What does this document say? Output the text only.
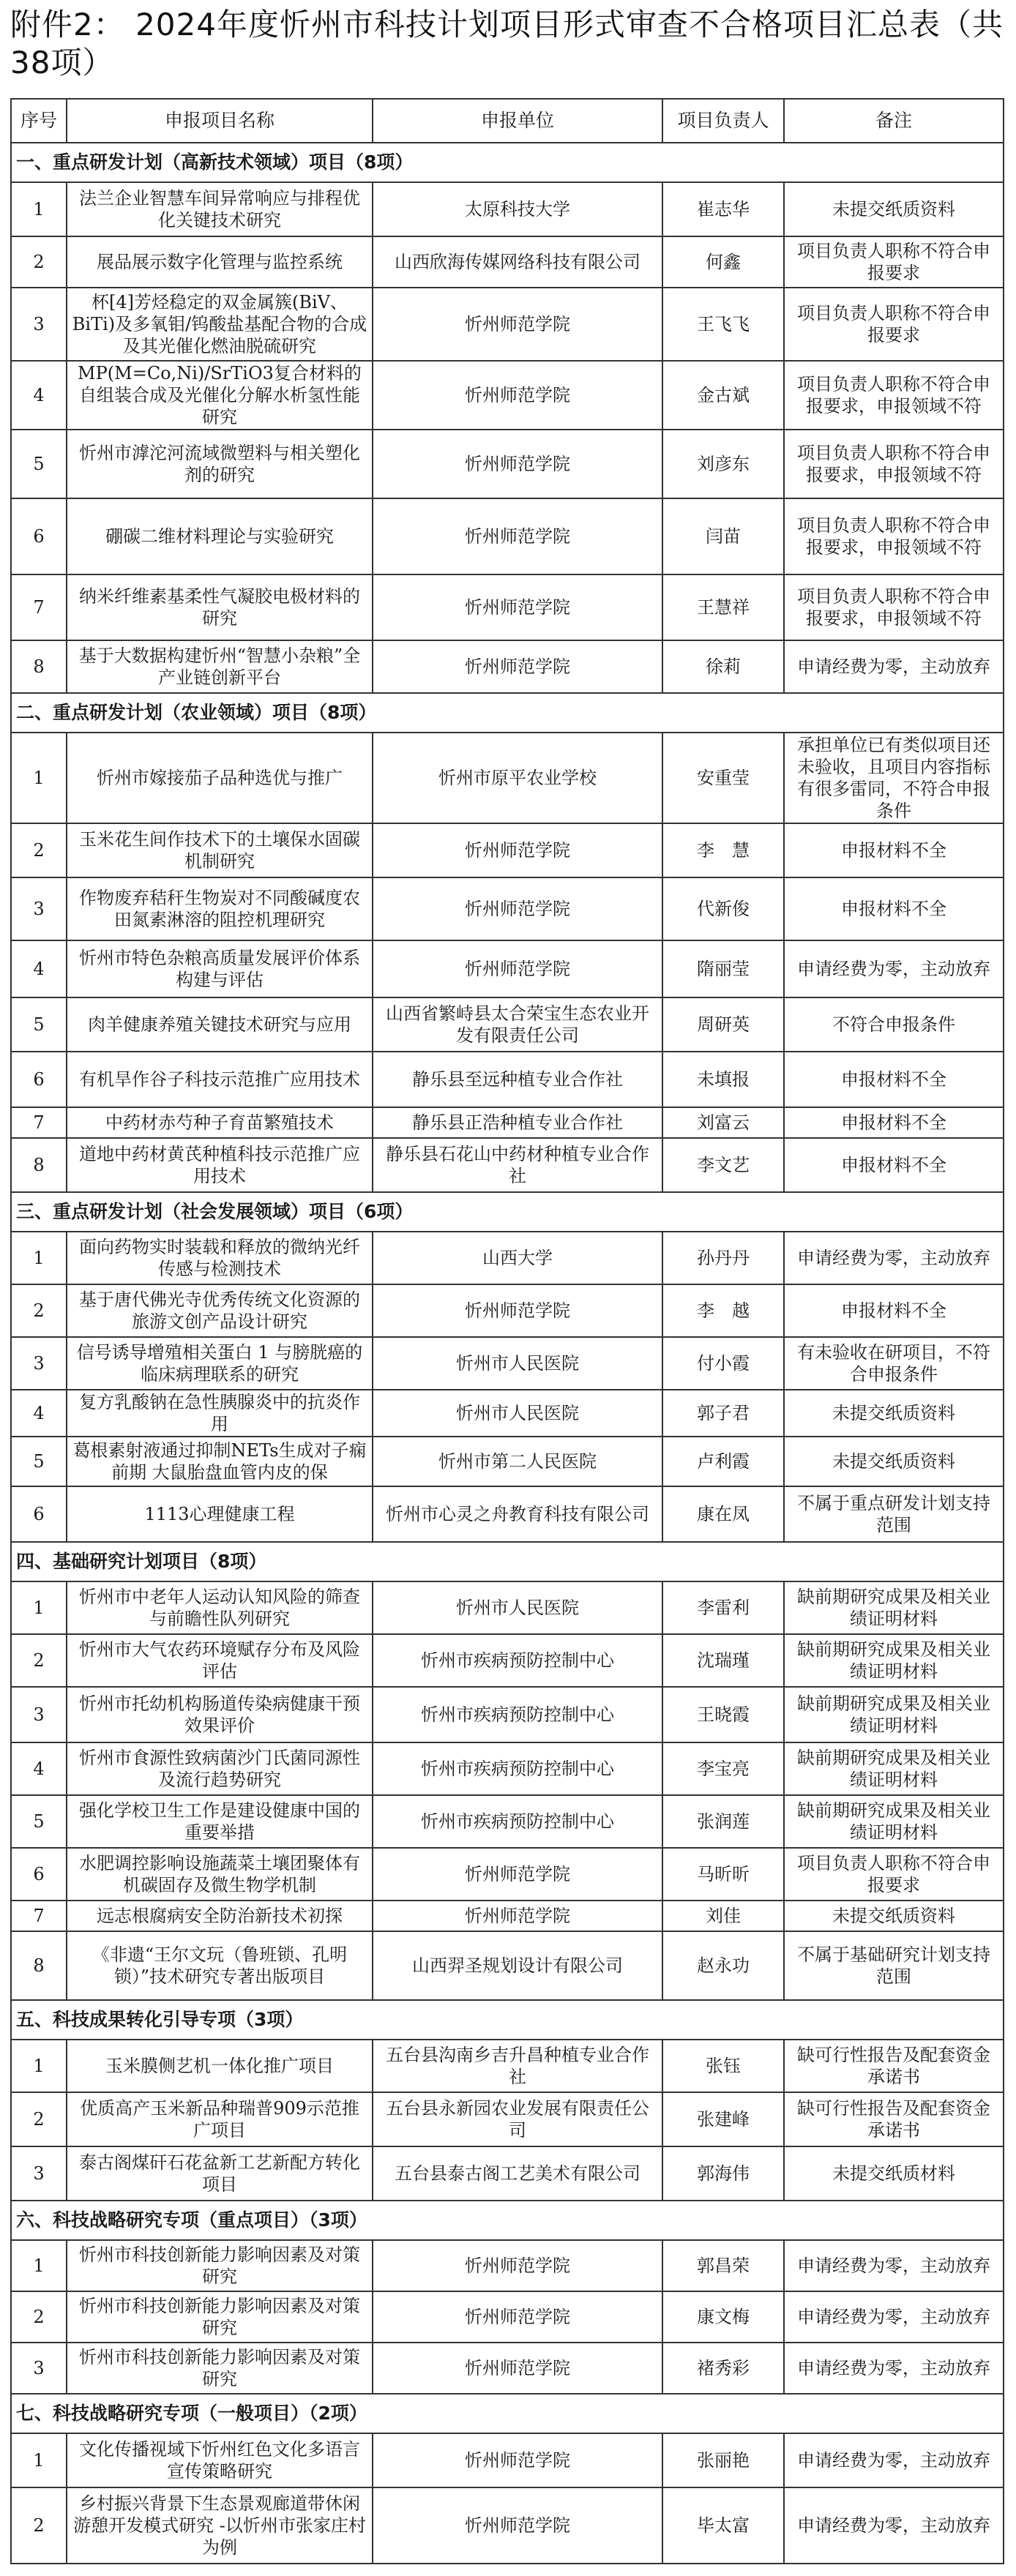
附件2： 2024年度忻州市科技计划项目形式审查不合格项目汇总表（共38项）
序号	申报项目名称	申报单位	项目负责人	备注
一、重点研发计划（高新技术领域）项目（8项）				
1	法兰企业智慧车间异常响应与排程优化关键技术研究	太原科技大学	崔志华	未提交纸质资料
2	展品展示数字化管理与监控系统	山西欣海传媒网络科技有限公司	何鑫	项目负责人职称不符合申报要求
3	杯[4]芳烃稳定的双金属簇(BiV、BiTi)及多氧钼/钨酸盐基配合物的合成及其光催化燃油脱硫研究	忻州师范学院	王飞飞	项目负责人职称不符合申报要求
4	MP(M=Co,Ni)/SrTiO3复合材料的自组装合成及光催化分解水析氢性能研究	忻州师范学院	金古斌	项目负责人职称不符合申报要求，申报领域不符
5	忻州市滹沱河流域微塑料与相关塑化剂的研究	忻州师范学院	刘彦东	项目负责人职称不符合申报要求，申报领域不符
6	硼碳二维材料理论与实验研究	忻州师范学院	闫苗	项目负责人职称不符合申报要求，申报领域不符
7	纳米纤维素基柔性气凝胶电极材料的研究	忻州师范学院	王慧祥	项目负责人职称不符合申报要求，申报领域不符
8	基于大数据构建忻州“智慧小杂粮”全产业链创新平台	忻州师范学院	徐莉	申请经费为零，主动放弃
二、重点研发计划（农业领域）项目（8项）				
1	忻州市嫁接茄子品种选优与推广	忻州市原平农业学校	安重莹	承担单位已有类似项目还未验收，且项目内容指标有很多雷同，不符合申报条件
2	玉米花生间作技术下的土壤保水固碳机制研究	忻州师范学院	李　慧	申报材料不全
3	作物废弃秸秆生物炭对不同酸碱度农田氮素淋溶的阻控机理研究	忻州师范学院	代新俊	申报材料不全
4	忻州市特色杂粮高质量发展评价体系构建与评估	忻州师范学院	隋丽莹	申请经费为零，主动放弃
5	肉羊健康养殖关键技术研究与应用	山西省繁峙县太合荣宝生态农业开发有限责任公司	周研英	不符合申报条件
6	有机旱作谷子科技示范推广应用技术	静乐县至远种植专业合作社	未填报	申报材料不全
7	中药材赤芍种子育苗繁殖技术	静乐县正浩种植专业合作社	刘富云	申报材料不全
8	道地中药材黄芪种植科技示范推广应用技术	静乐县石花山中药材种植专业合作社	李文艺	申报材料不全
三、重点研发计划（社会发展领域）项目（6项）				
1	面向药物实时装载和释放的微纳光纤传感与检测技术	山西大学	孙丹丹	申请经费为零，主动放弃
2	基于唐代佛光寺优秀传统文化资源的旅游文创产品设计研究	忻州师范学院	李　越	申报材料不全
3	信号诱导增殖相关蛋白 1 与膀胱癌的临床病理联系的研究	忻州市人民医院	付小霞	有未验收在研项目，不符合申报条件
4	复方乳酸钠在急性胰腺炎中的抗炎作用	忻州市人民医院	郭子君	未提交纸质资料
5	葛根素射液通过抑制NETs生成对子痫前期 大鼠胎盘血管内皮的保	忻州市第二人民医院	卢利霞	未提交纸质资料
6	1113心理健康工程	忻州市心灵之舟教育科技有限公司	康在凤	不属于重点研发计划支持范围
四、基础研究计划项目（8项）				
1	忻州市中老年人运动认知风险的筛查与前瞻性队列研究	忻州市人民医院	李雷利	缺前期研究成果及相关业绩证明材料
2	忻州市大气农药环境赋存分布及风险评估	忻州市疾病预防控制中心	沈瑞瑾	缺前期研究成果及相关业绩证明材料
3	忻州市托幼机构肠道传染病健康干预效果评价	忻州市疾病预防控制中心	王晓霞	缺前期研究成果及相关业绩证明材料
4	忻州市食源性致病菌沙门氏菌同源性及流行趋势研究	忻州市疾病预防控制中心	李宝亮	缺前期研究成果及相关业绩证明材料
5	强化学校卫生工作是建设健康中国的重要举措	忻州市疾病预防控制中心	张润莲	缺前期研究成果及相关业绩证明材料
6	水肥调控影响设施蔬菜土壤团聚体有机碳固存及微生物学机制	忻州师范学院	马昕昕	项目负责人职称不符合申报要求
7	远志根腐病安全防治新技术初探	忻州师范学院	刘佳	未提交纸质资料
8	《非遗“王尔文玩（鲁班锁、孔明锁）”技术研究专著出版项目	山西羿圣规划设计有限公司	赵永功	不属于基础研究计划支持范围
五、科技成果转化引导专项（3项）				
1	玉米膜侧艺机一体化推广项目	五台县沟南乡吉升昌种植专业合作社	张钰	缺可行性报告及配套资金承诺书
2	优质高产玉米新品种瑞普909示范推广项目	五台县永新园农业发展有限责任公司	张建峰	缺可行性报告及配套资金承诺书
3	泰古阁煤矸石花盆新工艺新配方转化项目	五台县泰古阁工艺美术有限公司	郭海伟	未提交纸质材料
六、科技战略研究专项（重点项目）（3项）				
1	忻州市科技创新能力影响因素及对策研究	忻州师范学院	郭昌荣	申请经费为零，主动放弃
2	忻州市科技创新能力影响因素及对策研究	忻州师范学院	康文梅	申请经费为零，主动放弃
3	忻州市科技创新能力影响因素及对策研究	忻州师范学院	褚秀彩	申请经费为零，主动放弃
七、科技战略研究专项（一般项目）（2项）				
1	文化传播视域下忻州红色文化多语言宣传策略研究	忻州师范学院	张丽艳	申请经费为零，主动放弃
2	乡村振兴背景下生态景观廊道带休闲游憩开发模式研究 -以忻州市张家庄村为例	忻州师范学院	毕太富	申请经费为零，主动放弃
